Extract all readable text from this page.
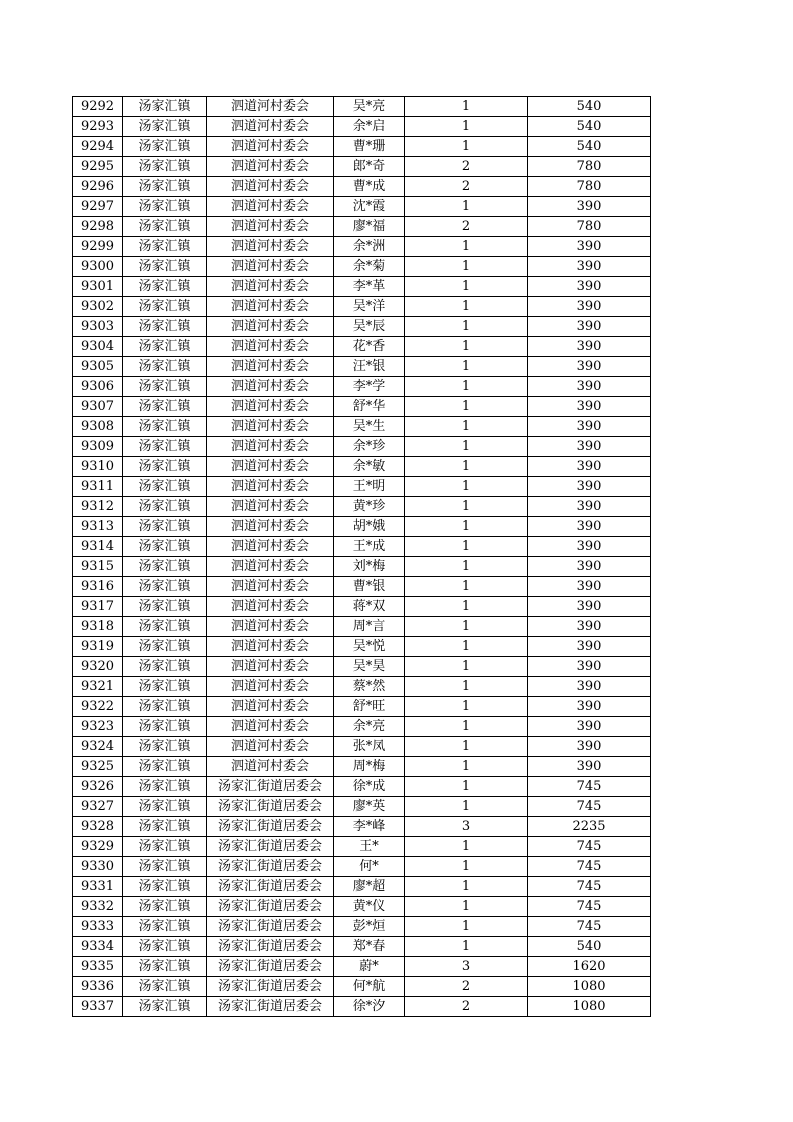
9292	汤家汇镇	泗道河村委会	吴*亮	1	540
9293	汤家汇镇	泗道河村委会	余*启	1	540
9294	汤家汇镇	泗道河村委会	曹*珊	1	540
9295	汤家汇镇	泗道河村委会	郎*奇	2	780
9296	汤家汇镇	泗道河村委会	曹*成	2	780
9297	汤家汇镇	泗道河村委会	沈*霞	1	390
9298	汤家汇镇	泗道河村委会	廖*福	2	780
9299	汤家汇镇	泗道河村委会	余*洲	1	390
9300	汤家汇镇	泗道河村委会	余*菊	1	390
9301	汤家汇镇	泗道河村委会	李*革	1	390
9302	汤家汇镇	泗道河村委会	吴*洋	1	390
9303	汤家汇镇	泗道河村委会	吴*辰	1	390
9304	汤家汇镇	泗道河村委会	花*香	1	390
9305	汤家汇镇	泗道河村委会	汪*银	1	390
9306	汤家汇镇	泗道河村委会	李*学	1	390
9307	汤家汇镇	泗道河村委会	舒*华	1	390
9308	汤家汇镇	泗道河村委会	吴*生	1	390
9309	汤家汇镇	泗道河村委会	余*珍	1	390
9310	汤家汇镇	泗道河村委会	余*敏	1	390
9311	汤家汇镇	泗道河村委会	王*明	1	390
9312	汤家汇镇	泗道河村委会	黄*珍	1	390
9313	汤家汇镇	泗道河村委会	胡*娥	1	390
9314	汤家汇镇	泗道河村委会	王*成	1	390
9315	汤家汇镇	泗道河村委会	刘*梅	1	390
9316	汤家汇镇	泗道河村委会	曹*银	1	390
9317	汤家汇镇	泗道河村委会	蒋*双	1	390
9318	汤家汇镇	泗道河村委会	周*言	1	390
9319	汤家汇镇	泗道河村委会	吴*悦	1	390
9320	汤家汇镇	泗道河村委会	吴*昊	1	390
9321	汤家汇镇	泗道河村委会	蔡*然	1	390
9322	汤家汇镇	泗道河村委会	舒*旺	1	390
9323	汤家汇镇	泗道河村委会	余*亮	1	390
9324	汤家汇镇	泗道河村委会	张*凤	1	390
9325	汤家汇镇	泗道河村委会	周*梅	1	390
9326	汤家汇镇	汤家汇街道居委会	徐*成	1	745
9327	汤家汇镇	汤家汇街道居委会	廖*英	1	745
9328	汤家汇镇	汤家汇街道居委会	李*峰	3	2235
9329	汤家汇镇	汤家汇街道居委会	王*	1	745
9330	汤家汇镇	汤家汇街道居委会	何*	1	745
9331	汤家汇镇	汤家汇街道居委会	廖*超	1	745
9332	汤家汇镇	汤家汇街道居委会	黄*仪	1	745
9333	汤家汇镇	汤家汇街道居委会	彭*烜	1	745
9334	汤家汇镇	汤家汇街道居委会	郑*春	1	540
9335	汤家汇镇	汤家汇街道居委会	蔚*	3	1620
9336	汤家汇镇	汤家汇街道居委会	何*航	2	1080
9337	汤家汇镇	汤家汇街道居委会	徐*汐	2	1080
